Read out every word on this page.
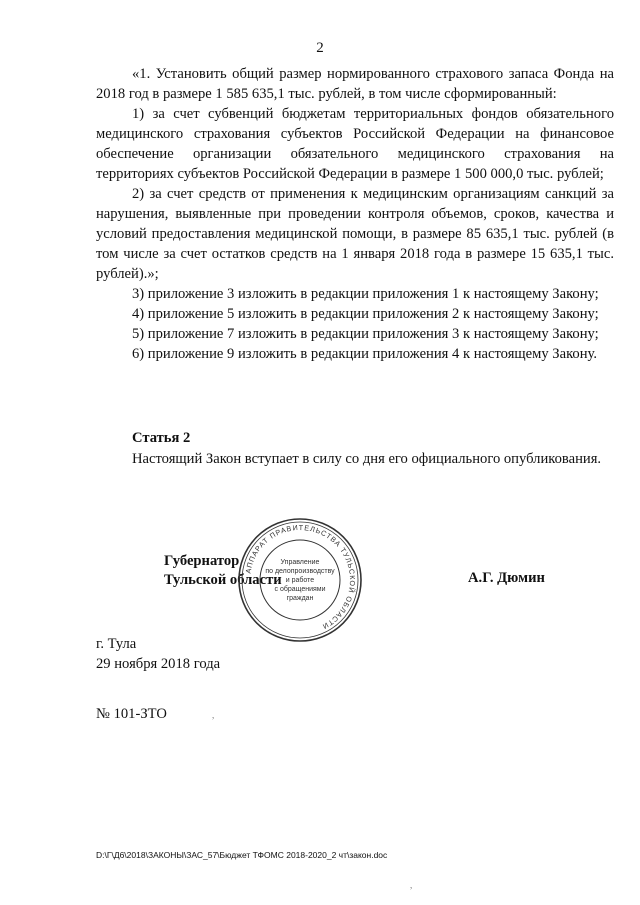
2

«1. Установить общий размер нормированного страхового запаса Фонда на 2018 год в размере 1 585 635,1 тыс. рублей, в том числе сформированный:

1) за счет субвенций бюджетам территориальных фондов обязательного медицинского страхования субъектов Российской Федерации на финансовое обеспечение организации обязательного медицинского страхования на территориях субъектов Российской Федерации в размере 1 500 000,0 тыс. рублей;

2) за счет средств от применения к медицинским организациям санкций за нарушения, выявленные при проведении контроля объемов, сроков, качества и условий предоставления медицинской помощи, в размере 85 635,1 тыс. рублей (в том числе за счет остатков средств на 1 января 2018 года в размере 15 635,1 тыс. рублей).»;

3) приложение 3 изложить в редакции приложения 1 к настоящему Закону;

4) приложение 5 изложить в редакции приложения 2 к настоящему Закону;

5) приложение 7 изложить в редакции приложения 3 к настоящему Закону;

6) приложение 9 изложить в редакции приложения 4 к настоящему Закону.

Статья 2

Настоящий Закон вступает в силу со дня его официального опубликования.

Губернатор
Тульской области
АППАРАТ ПРАВИТЕЛЬСТВА ТУЛЬСКОЙ ОБЛАСТИ
Управление
по делопроизводству
и работе
с обращениями
граждан
А.Г. Дюмин
г. Тула
29 ноября 2018 года
№ 101-ЗТО	,
D:\Г\Д6\2018\ЗАКОНЫ\ЗАС_57\Бюджет ТФОМС 2018-2020_2 чт\закон.doc
,
